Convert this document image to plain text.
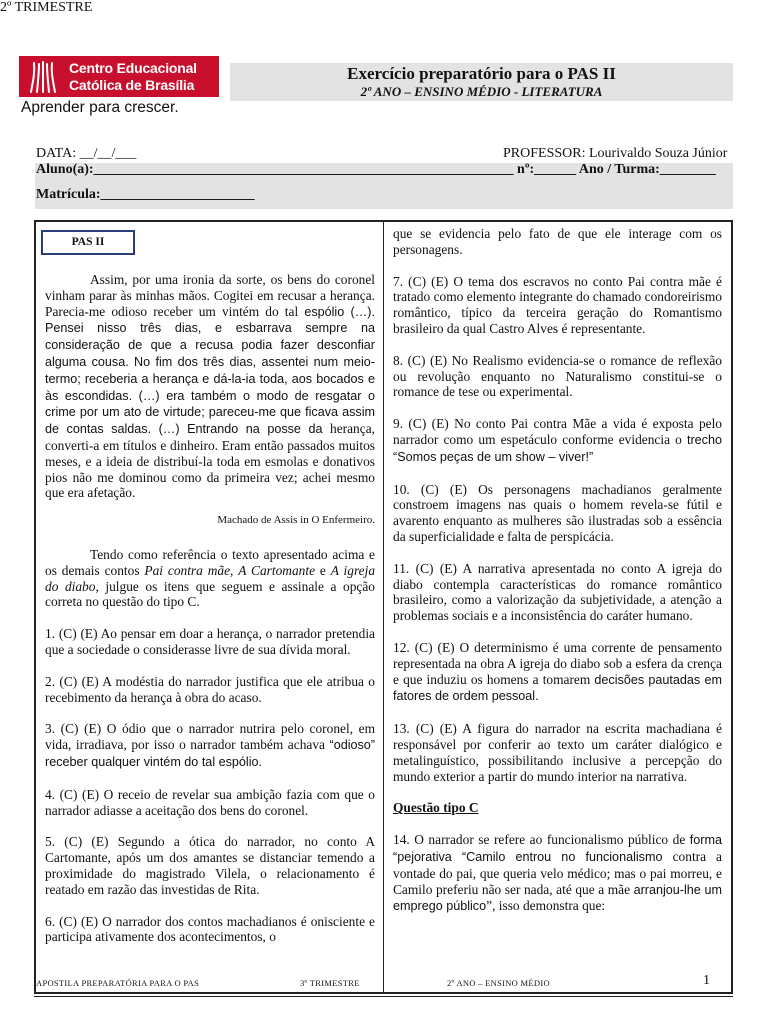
Centro Educacional
Católica de Brasília
Aprender para crescer.
Exercício preparatório para o PAS II
2º ANO – ENSINO MÉDIO - LITERATURA
DATA: __/__/___
2º TRIMESTRE
PROFESSOR: Lourivaldo Souza Júnior
Aluno(a):____________________________________________________________ nº:______ Ano / Turma:________
Matrícula:______________________
PAS II

Assim, por uma ironia da sorte, os bens do coronel vinham parar às minhas mãos. Cogitei em recusar a herança. Parecia-me odioso receber um vintém do tal espólio (…). Pensei nisso três dias, e esbarrava sempre na consideração de que a recusa podia fazer desconfiar alguma cousa. No fim dos três dias, assentei num meio-termo; receberia a herança e dá-la-ia toda, aos bocados e às escondidas. (…) era também o modo de resgatar o crime por um ato de virtude; pareceu-me que ficava assim de contas saldas. (…) Entrando na posse da herança, converti-a em títulos e dinheiro. Eram então passados muitos meses, e a ideia de distribuí-la toda em esmolas e donativos pios não me dominou como da primeira vez; achei mesmo que era afetação.

Machado de Assis in O Enfermeiro.

Tendo como referência o texto apresentado acima e os demais contos Pai contra mãe, A Cartomante e A igreja do diabo, julgue os itens que seguem e assinale a opção correta no questão do tipo C.

1. (C) (E) Ao pensar em doar a herança, o narrador pretendia que a sociedade o considerasse livre de sua dívida moral.

2. (C) (E) A modéstia do narrador justifica que ele atribua o recebimento da herança à obra do acaso.

3. (C) (E) O ódio que o narrador nutrira pelo coronel, em vida, irradiava, por isso o narrador também achava “odioso” receber qualquer vintém do tal espólio.

4. (C) (E) O receio de revelar sua ambição fazia com que o narrador adiasse a aceitação dos bens do coronel.

5. (C) (E) Segundo a ótica do narrador, no conto A Cartomante, após um dos amantes se distanciar temendo a proximidade do magistrado Vilela, o relacionamento é reatado em razão das investidas de Rita.

6. (C) (E) O narrador dos contos machadianos é onisciente e participa ativamente dos acontecimentos, o

que se evidencia pelo fato de que ele interage com os personagens.

7. (C) (E) O tema dos escravos no conto Pai contra mãe é tratado como elemento integrante do chamado condoreirismo romântico, típico da terceira geração do Romantismo brasileiro da qual Castro Alves é representante.

8. (C) (E) No Realismo evidencia-se o romance de reflexão ou revolução enquanto no Naturalismo constitui-se o romance de tese ou experimental.

9. (C) (E) No conto Pai contra Mãe a vida é exposta pelo narrador como um espetáculo conforme evidencia o trecho “Somos peças de um show – viver!”

10. (C) (E) Os personagens machadianos geralmente constroem imagens nas quais o homem revela-se fútil e avarento enquanto as mulheres são ilustradas sob a essência da superficialidade e falta de perspicácia.

11. (C) (E) A narrativa apresentada no conto A igreja do diabo contempla características do romance romântico brasileiro, como a valorização da subjetividade, a atenção a problemas sociais e a inconsistência do caráter humano.

12. (C) (E) O determinismo é uma corrente de pensamento representada na obra A igreja do diabo sob a esfera da crença e que induziu os homens a tomarem decisões pautadas em fatores de ordem pessoal.

13. (C) (E) A figura do narrador na escrita machadiana é responsável por conferir ao texto um caráter dialógico e metalinguístico, possibilitando inclusive a percepção do mundo exterior a partir do mundo interior na narrativa.

Questão tipo C

14. O narrador se refere ao funcionalismo público de forma “pejorativa “Camilo entrou no funcionalismo contra a vontade do pai, que queria velo médico; mas o pai morreu, e Camilo preferiu não ser nada, até que a mãe arranjou-lhe um emprego público”, isso demonstra que:

APOSTILA PREPARATÓRIA PARA O PAS	3º TRIMESTRE	2º ANO – ENSINO MÉDIO	1
